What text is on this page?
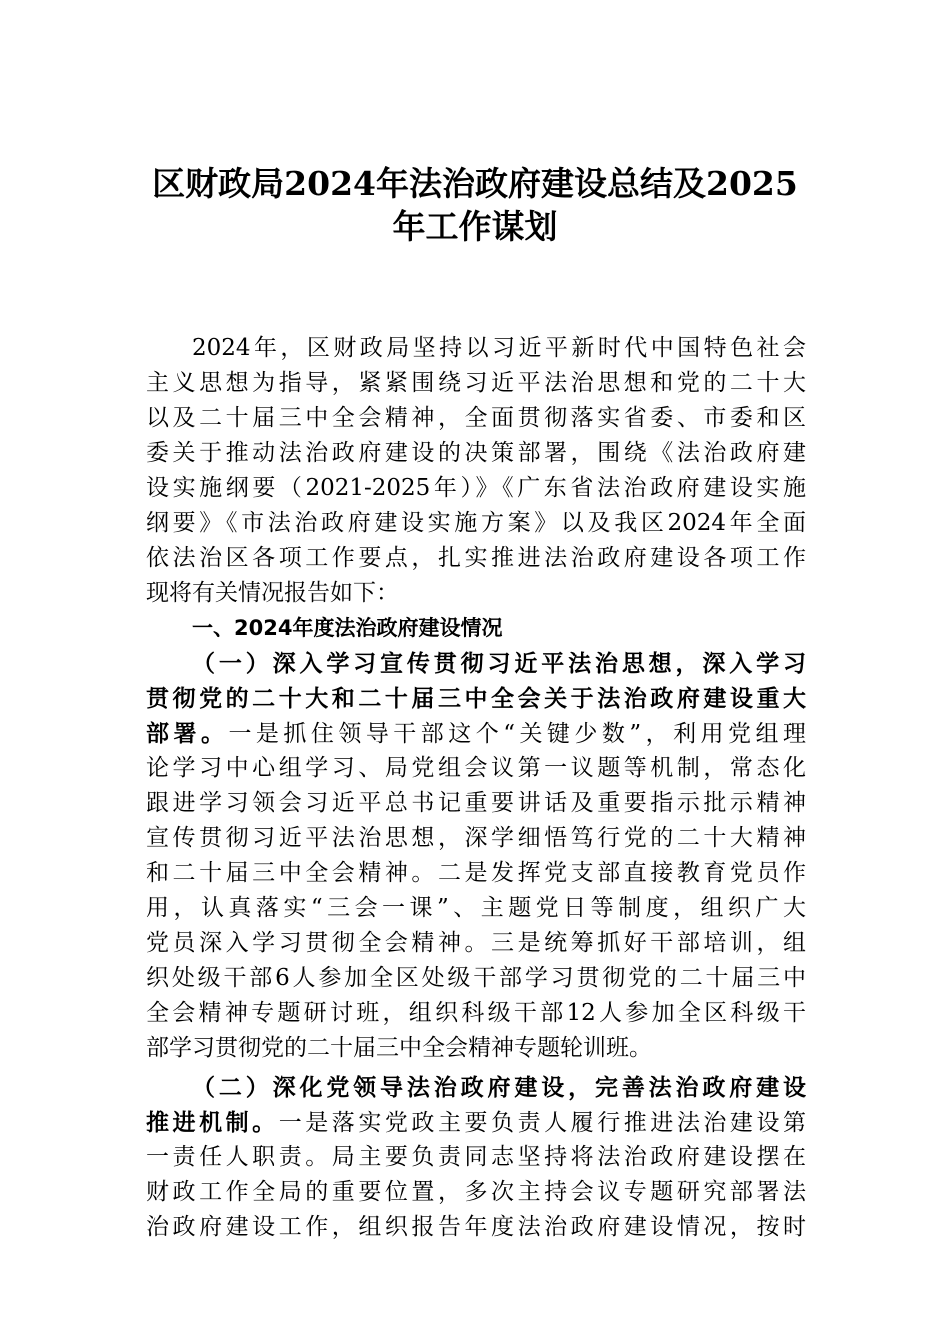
区财政局2024年法治政府建设总结及2025
年工作谋划
2024年，区财政局坚持以习近平新时代中国特色社会
主义思想为指导，紧紧围绕习近平法治思想和党的二十大
以及二十届三中全会精神，全面贯彻落实省委、市委和区
委关于推动法治政府建设的决策部署，围绕《法治政府建
设实施纲要（2021-2025年）》《广东省法治政府建设实施
纲要》《市法治政府建设实施方案》以及我区2024年全面
依法治区各项工作要点，扎实推进法治政府建设各项工作
现将有关情况报告如下：
一、2024年度法治政府建设情况
（一）深入学习宣传贯彻习近平法治思想，深入学习
贯彻党的二十大和二十届三中全会关于法治政府建设重大
部署。一是抓住领导干部这个“关键少数”，利用党组理
论学习中心组学习、局党组会议第一议题等机制，常态化
跟进学习领会习近平总书记重要讲话及重要指示批示精神
宣传贯彻习近平法治思想，深学细悟笃行党的二十大精神
和二十届三中全会精神。二是发挥党支部直接教育党员作
用，认真落实“三会一课”、主题党日等制度，组织广大
党员深入学习贯彻全会精神。三是统筹抓好干部培训，组
织处级干部6人参加全区处级干部学习贯彻党的二十届三中
全会精神专题研讨班，组织科级干部12人参加全区科级干
部学习贯彻党的二十届三中全会精神专题轮训班。
（二）深化党领导法治政府建设，完善法治政府建设
推进机制。一是落实党政主要负责人履行推进法治建设第
一责任人职责。局主要负责同志坚持将法治政府建设摆在
财政工作全局的重要位置，多次主持会议专题研究部署法
治政府建设工作，组织报告年度法治政府建设情况，按时
